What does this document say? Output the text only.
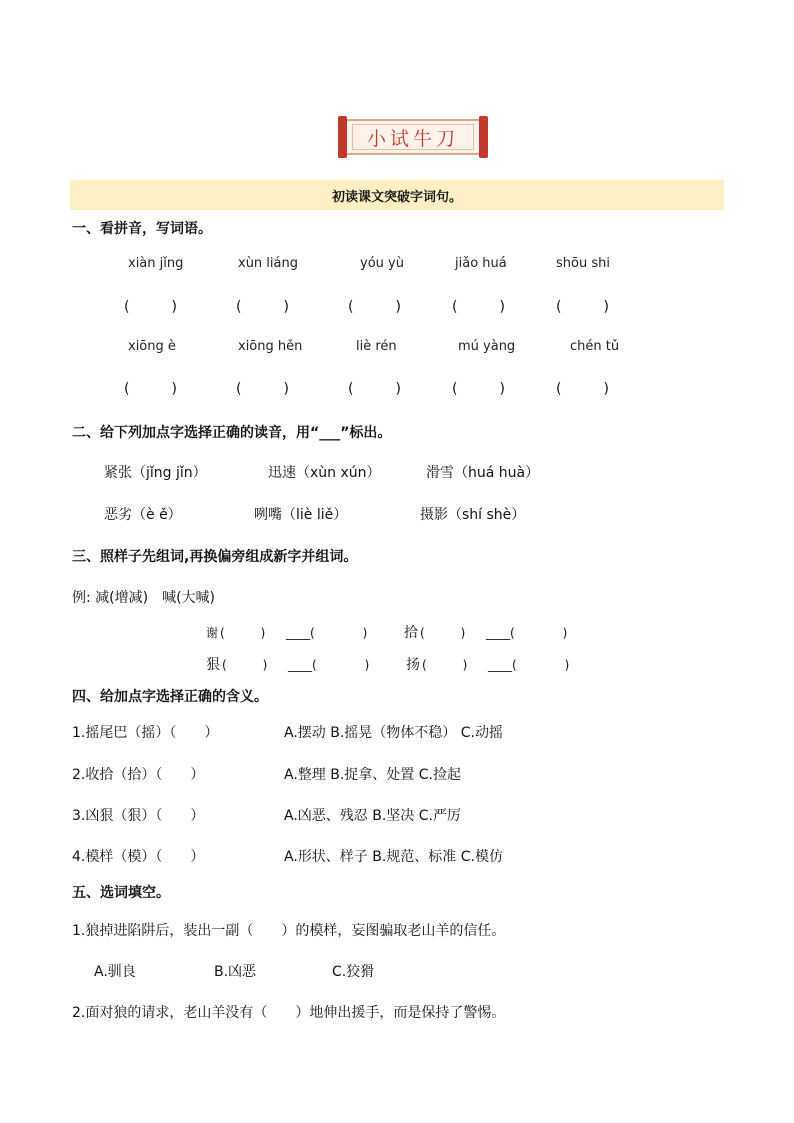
小试牛刀
初读课文突破字词句。
一、看拼音，写词语。
xiàn jǐng	xùn liáng	yóu yù	jiǎo huá	shōu shi
(　　　)	(　　　)	(　　　)	(　　　)	(　　　)
xiōng è	xiōng hěn	liè rén	mú yàng	chén tǔ
(　　　)	(　　　)	(　　　)	(　　　)	(　　　)
二、给下列加点字选择正确的读音，用“___”标出。
紧张（jǐng jǐn）	迅速（xùn xún）	滑雪（huá huà）
恶劣（è ě）	咧嘴（liè liě）	摄影（shí shè）
三、照样子先组词,再换偏旁组成新字并组词。
例: 减(增减)　喊(大喊)
谢 (　　　) ____(　　　　)	拾 (　　　) ____(　　　　)
狠 (　　　) ____(　　　　)	扬 (　　　) ____(　　　　)
四、给加点字选择正确的含义。
1.摇尾巴（摇）（　　）	A.摆动 B.摇晃（物体不稳） C.动摇
2.收拾（拾）（　　）	A.整理 B.捉拿、处置 C.捡起
3.凶狠（狠）（　　）	A.凶恶、残忍 B.坚决 C.严厉
4.模样（模）（　　）	A.形状、样子 B.规范、标准 C.模仿
五、选词填空。
1.狼掉进陷阱后，装出一副（　　）的模样，妄图骗取老山羊的信任。
A.驯良	B.凶恶	C.狡猾
2.面对狼的请求，老山羊没有（　　）地伸出援手，而是保持了警惕。
